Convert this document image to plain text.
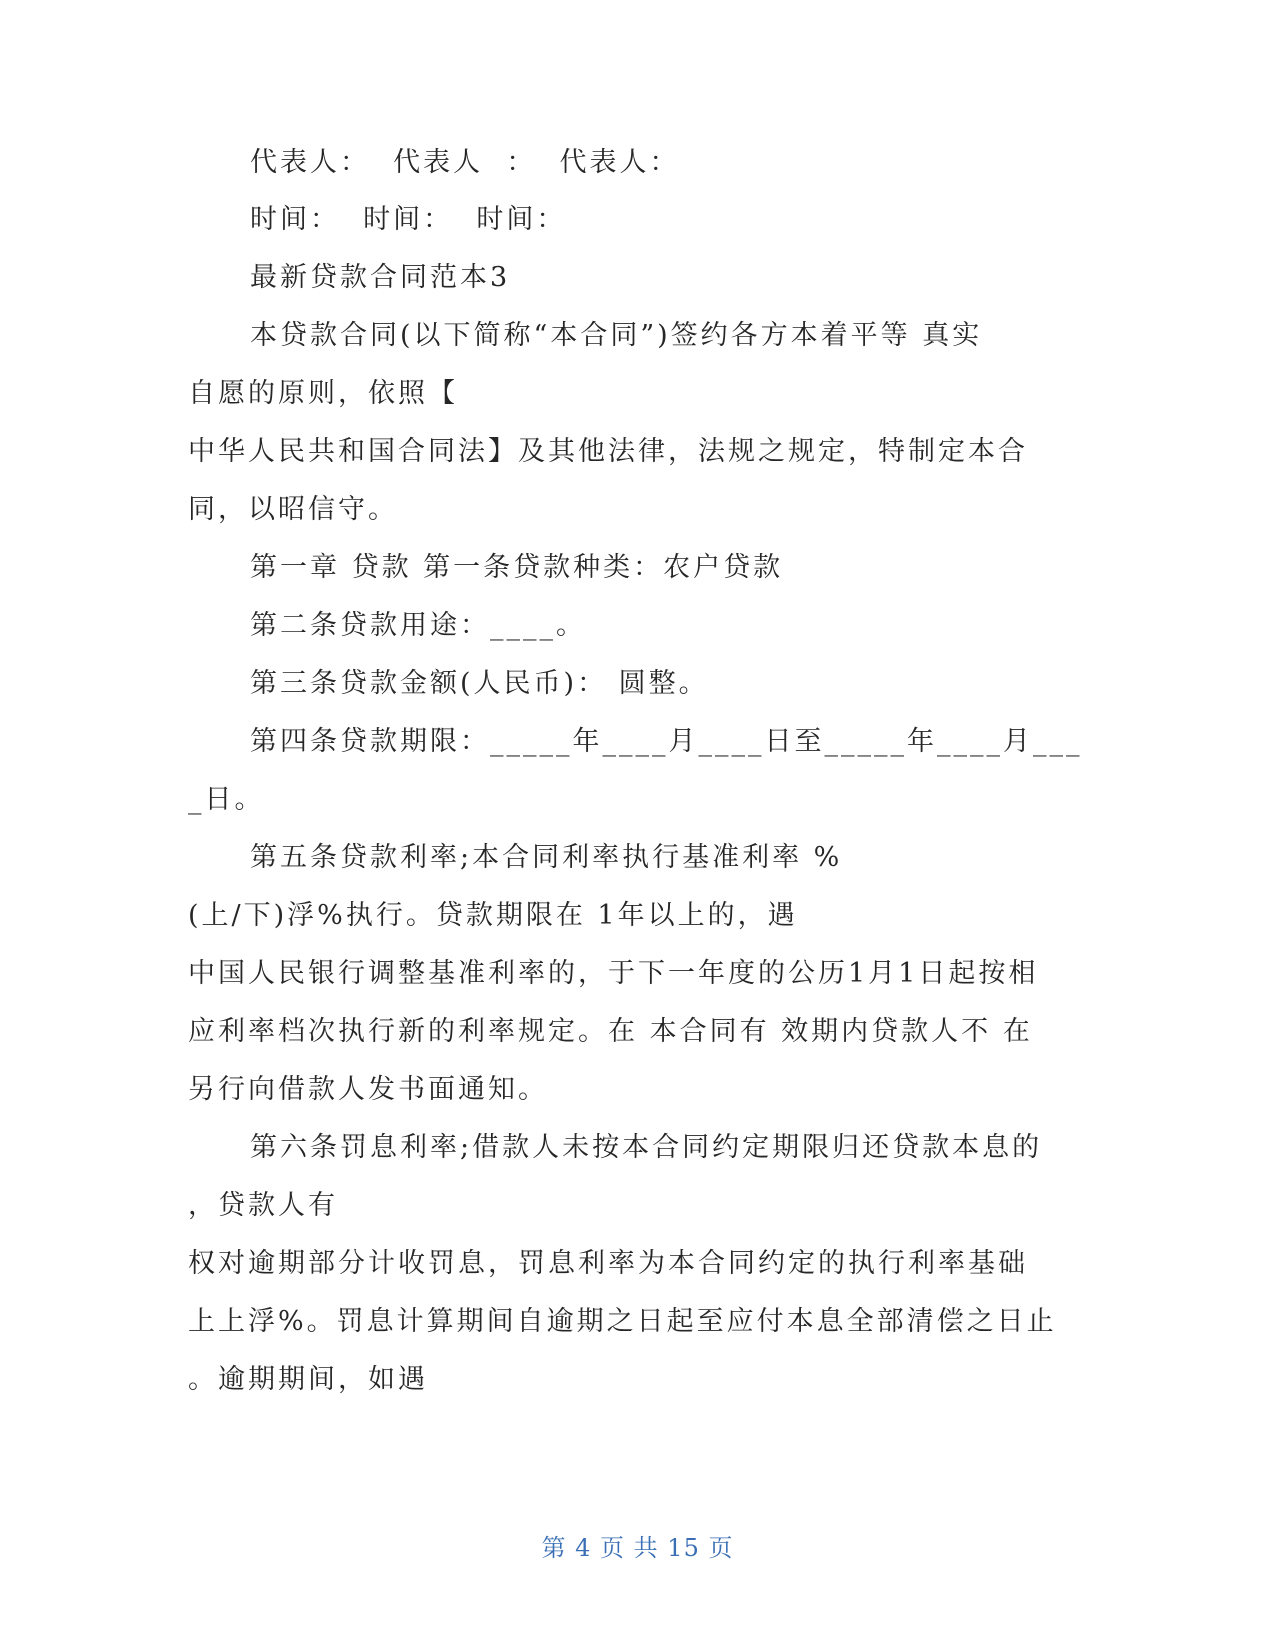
代表人：  代表人  ：  代表人：
时间：  时间：  时间：
最新贷款合同范本3
本贷款合同(以下简称“本合同”)签约各方本着平等 真实
自愿的原则，依照【
中华人民共和国合同法】及其他法律，法规之规定，特制定本合
同，以昭信守。
第一章 贷款 第一条贷款种类：农户贷款
第二条贷款用途：____。
第三条贷款金额(人民币)： 圆整。
第四条贷款期限：_____年____月____日至_____年____月___
_日。
第五条贷款利率;本合同利率执行基准利率 %
(上/下)浮%执行。贷款期限在 1年以上的，遇
中国人民银行调整基准利率的，于下一年度的公历1月1日起按相
应利率档次执行新的利率规定。在 本合同有 效期内贷款人不 在
另行向借款人发书面通知。
第六条罚息利率;借款人未按本合同约定期限归还贷款本息的
，贷款人有
权对逾期部分计收罚息，罚息利率为本合同约定的执行利率基础
上上浮%。罚息计算期间自逾期之日起至应付本息全部清偿之日止
。逾期期间，如遇
第 4 页 共 15 页
